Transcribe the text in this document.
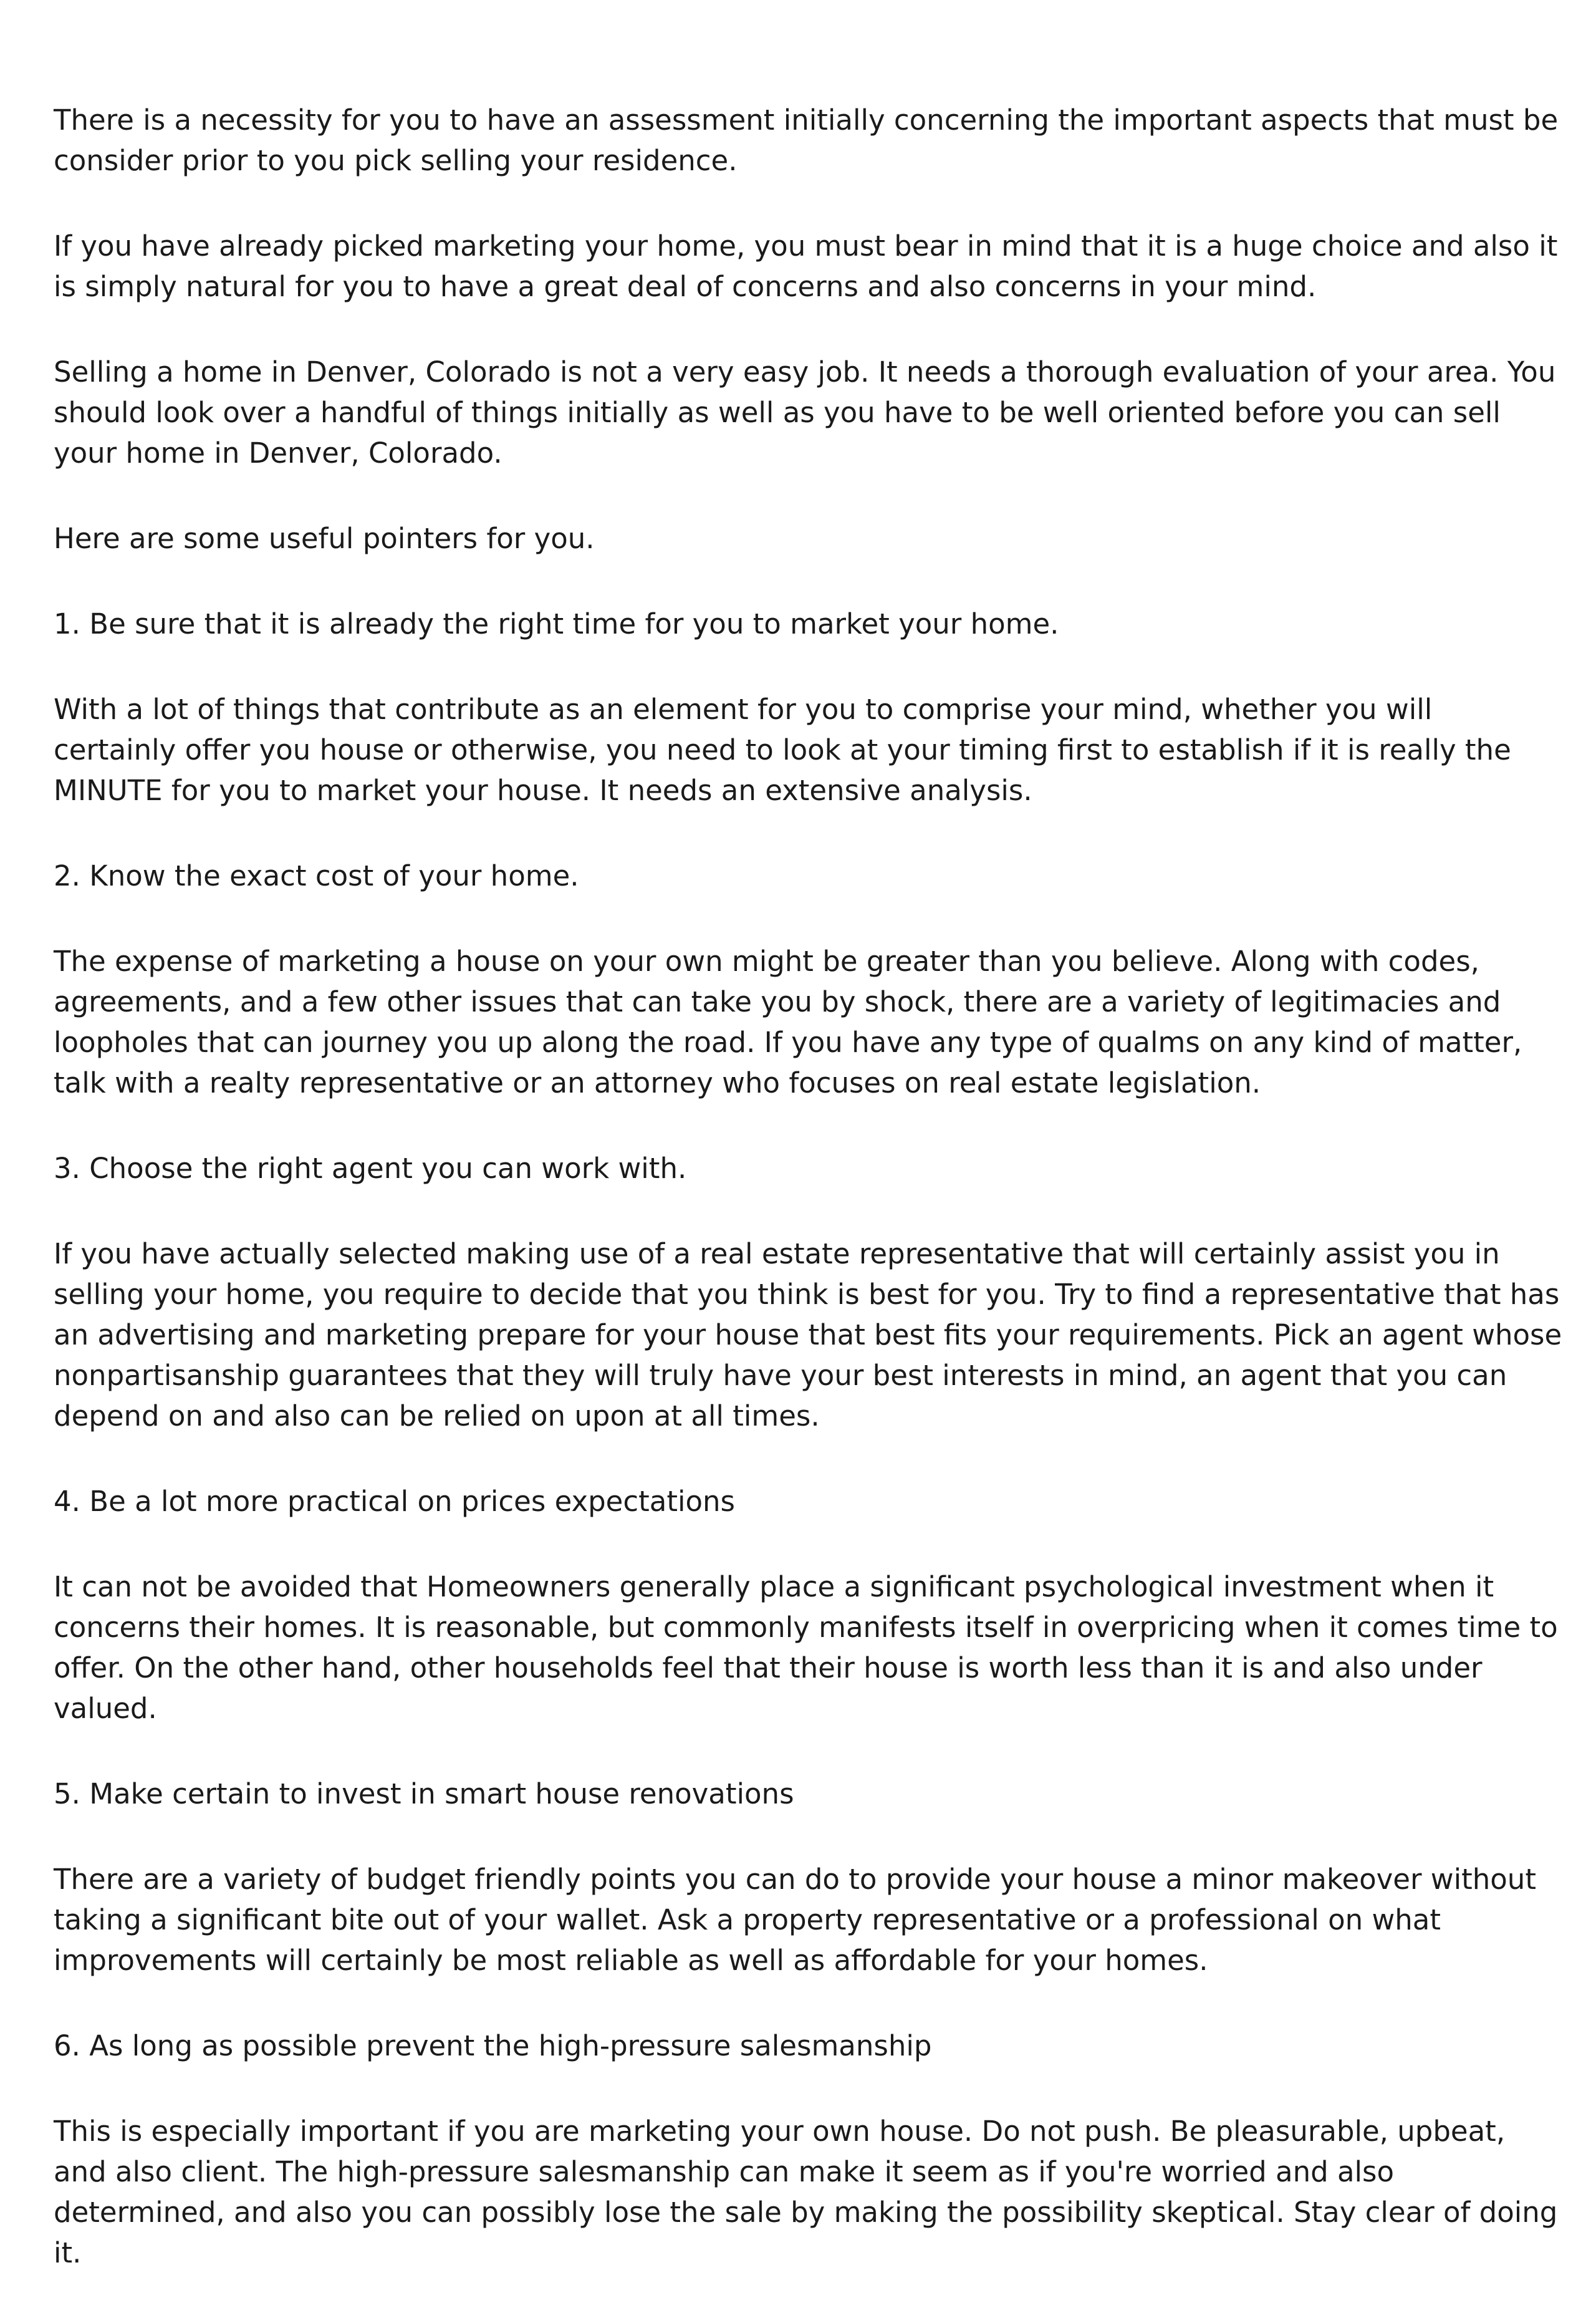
There is a necessity for you to have an assessment initially concerning the important aspects that must be consider prior to you pick selling your residence.

If you have already picked marketing your home, you must bear in mind that it is a huge choice and also it is simply natural for you to have a great deal of concerns and also concerns in your mind.

Selling a home in Denver, Colorado is not a very easy job. It needs a thorough evaluation of your area. You should look over a handful of things initially as well as you have to be well oriented before you can sell your home in Denver, Colorado.

Here are some useful pointers for you.

1. Be sure that it is already the right time for you to market your home.

With a lot of things that contribute as an element for you to comprise your mind, whether you will certainly offer you house or otherwise, you need to look at your timing first to establish if it is really the MINUTE for you to market your house. It needs an extensive analysis.

2. Know the exact cost of your home.

The expense of marketing a house on your own might be greater than you believe. Along with codes, agreements, and a few other issues that can take you by shock, there are a variety of legitimacies and loopholes that can journey you up along the road. If you have any type of qualms on any kind of matter, talk with a realty representative or an attorney who focuses on real estate legislation.

3. Choose the right agent you can work with.

If you have actually selected making use of a real estate representative that will certainly assist you in selling your home, you require to decide that you think is best for you. Try to find a representative that has an advertising and marketing prepare for your house that best fits your requirements. Pick an agent whose nonpartisanship guarantees that they will truly have your best interests in mind, an agent that you can depend on and also can be relied on upon at all times.

4. Be a lot more practical on prices expectations

It can not be avoided that Homeowners generally place a significant psychological investment when it concerns their homes. It is reasonable, but commonly manifests itself in overpricing when it comes time to offer. On the other hand, other households feel that their house is worth less than it is and also under valued.

5. Make certain to invest in smart house renovations

There are a variety of budget friendly points you can do to provide your house a minor makeover without taking a significant bite out of your wallet. Ask a property representative or a professional on what improvements will certainly be most reliable as well as affordable for your homes.

6. As long as possible prevent the high-pressure salesmanship

This is especially important if you are marketing your own house. Do not push. Be pleasurable, upbeat, and also client. The high-pressure salesmanship can make it seem as if you're worried and also determined, and also you can possibly lose the sale by making the possibility skeptical. Stay clear of doing it.
